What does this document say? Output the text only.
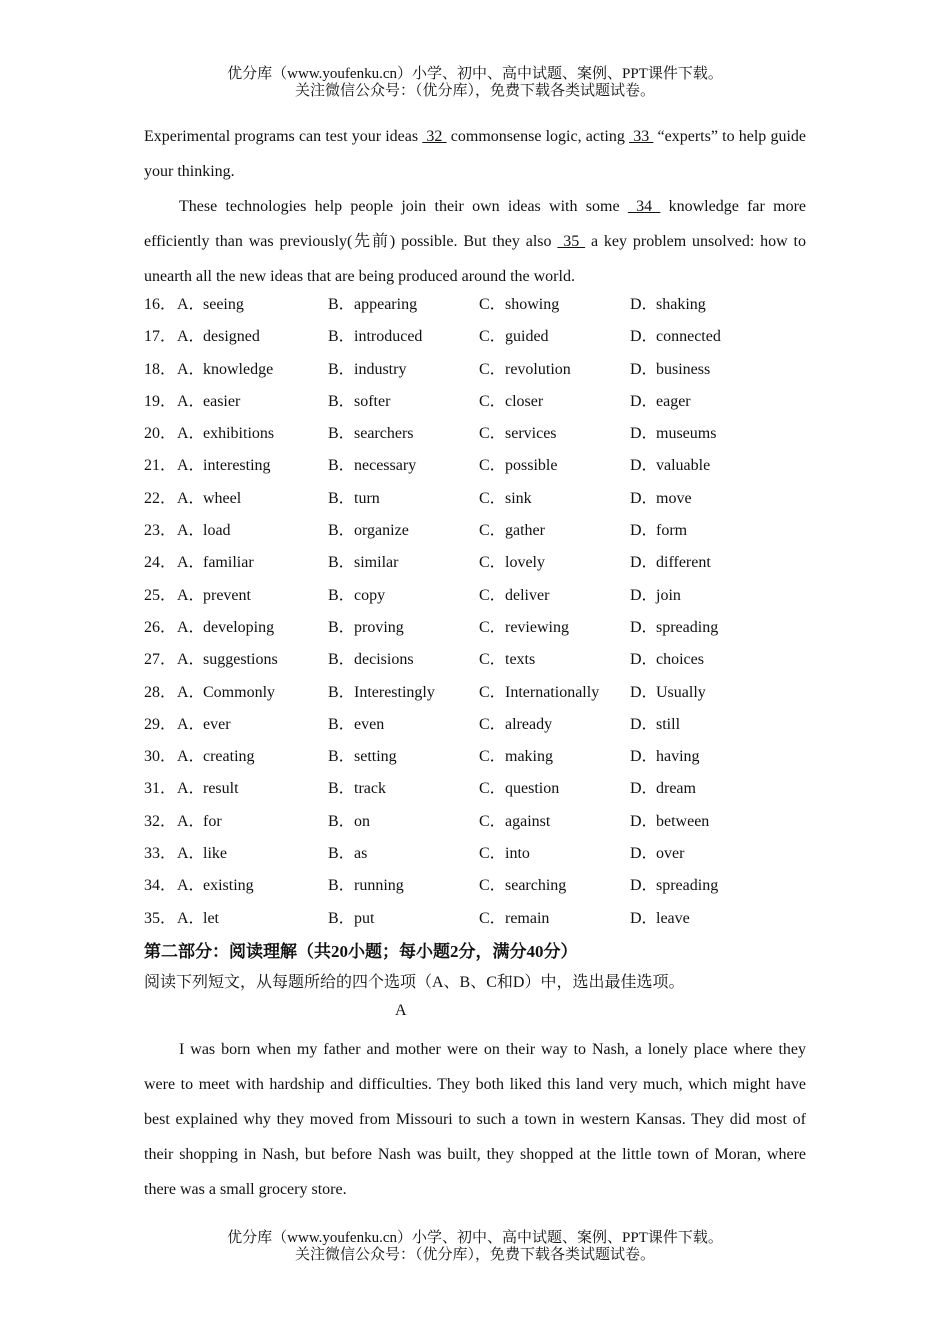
优分库（www.youfenku.cn）小学、初中、高中试题、案例、PPT课件下载。
关注微信公众号：（优分库），免费下载各类试题试卷。

Experimental programs can test your ideas  32  commonsense logic, acting  33  “experts” to help guide your thinking.

These technologies help people join their own ideas with some  34  knowledge far more efficiently than was previously(先前) possible. But they also  35  a key problem unsolved: how to unearth all the new ideas that are being produced around the world.

16． A．seeing	B．appearing	C．showing	D．shaking
17． A．designed	B．introduced	C．guided	D．connected
18． A．knowledge	B．industry	C．revolution	D．business
19． A．easier	B．softer	C．closer	D．eager
20． A．exhibitions	B．searchers	C．services	D．museums
21． A．interesting	B．necessary	C．possible	D．valuable
22． A．wheel	B．turn	C．sink	D．move
23． A．load	B．organize	C．gather	D．form
24． A．familiar	B．similar	C．lovely	D．different
25． A．prevent	B．copy	C．deliver	D．join
26． A．developing	B．proving	C．reviewing	D．spreading
27． A．suggestions	B．decisions	C．texts	D．choices
28． A．Commonly	B．Interestingly	C．Internationally D．Usually
29． A．ever	B．even	C．already	D．still
30． A．creating	B．setting	C．making	D．having
31． A．result	B．track	C．question	D．dream
32． A．for	B．on	C．against	D．between
33． A．like	B．as	C．into	D．over
34． A．existing	B．running	C．searching	D．spreading
35． A．let	B．put	C．remain	D．leave
第二部分：阅读理解（共20小题；每小题2分，满分40分）
阅读下列短文，从每题所给的四个选项（A、B、C和D）中，选出最佳选项。
A

I was born when my father and mother were on their way to Nash, a lonely place where they were to meet with hardship and difficulties. They both liked this land very much, which might have best explained why they moved from Missouri to such a town in western Kansas. They did most of their shopping in Nash, but before Nash was built, they shopped at the little town of Moran, where there was a small grocery store.

优分库（www.youfenku.cn）小学、初中、高中试题、案例、PPT课件下载。
关注微信公众号：（优分库），免费下载各类试题试卷。
